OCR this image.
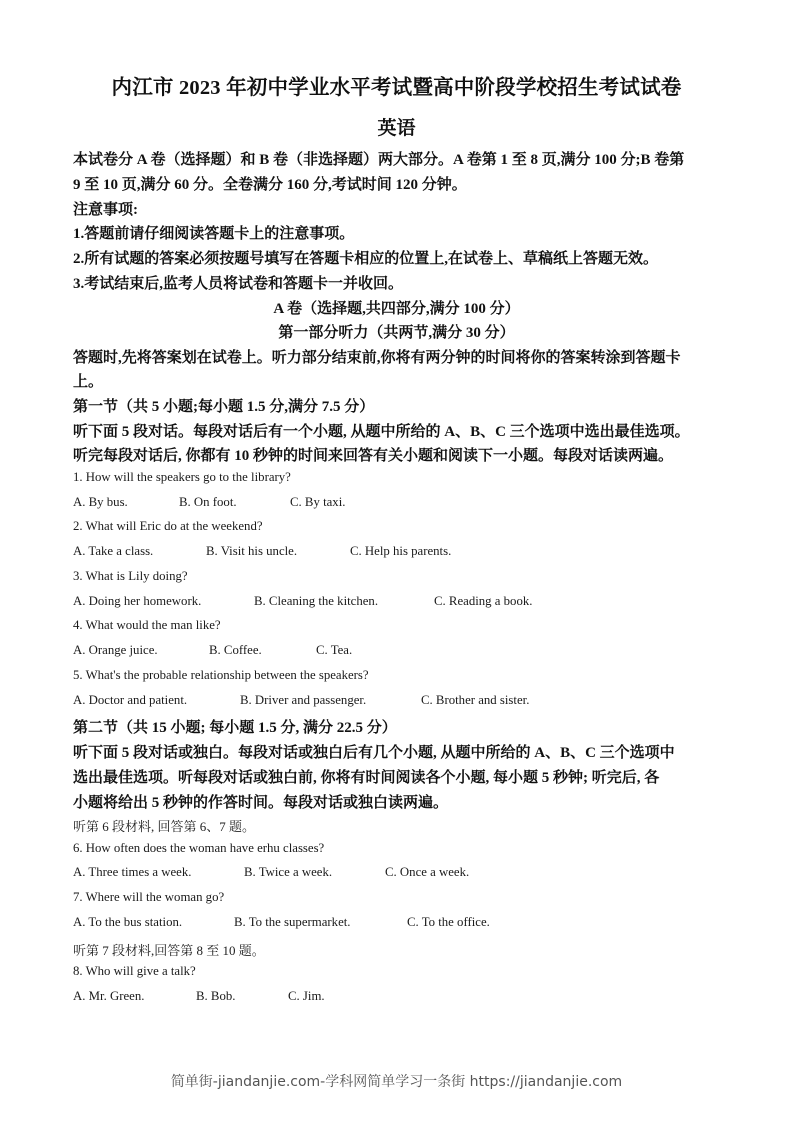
内江市 2023 年初中学业水平考试暨高中阶段学校招生考试试卷
英语
本试卷分 A 卷（选择题）和 B 卷（非选择题）两大部分。A 卷第 1 至 8 页,满分 100 分;B 卷第
9 至 10 页,满分 60 分。全卷满分 160 分,考试时间 120 分钟。
注意事项:
1.答题前请仔细阅读答题卡上的注意事项。
2.所有试题的答案必须按题号填写在答题卡相应的位置上,在试卷上、草稿纸上答题无效。
3.考试结束后,监考人员将试卷和答题卡一并收回。
A 卷（选择题,共四部分,满分 100 分）
第一部分听力（共两节,满分 30 分）
答题时,先将答案划在试卷上。听力部分结束前,你将有两分钟的时间将你的答案转涂到答题卡
上。
第一节（共 5 小题;每小题 1.5 分,满分 7.5 分）
听下面 5 段对话。每段对话后有一个小题, 从题中所给的 A、B、C 三个选项中选出最佳选项。
听完每段对话后, 你都有 10 秒钟的时间来回答有关小题和阅读下一小题。每段对话读两遍。
1. How will the speakers go to the library?
A. By bus.	B. On foot.	C. By taxi.
2. What will Eric do at the weekend?
A. Take a class.	B. Visit his uncle.	C. Help his parents.
3. What is Lily doing?
A. Doing her homework.	B. Cleaning the kitchen.	C. Reading a book.
4. What would the man like?
A. Orange juice.	B. Coffee.	C. Tea.
5. What's the probable relationship between the speakers?
A. Doctor and patient.	B. Driver and passenger.	C. Brother and sister.
第二节（共 15 小题; 每小题 1.5 分, 满分 22.5 分）
听下面 5 段对话或独白。每段对话或独白后有几个小题, 从题中所给的 A、B、C 三个选项中
选出最佳选项。听每段对话或独白前, 你将有时间阅读各个小题, 每小题 5 秒钟; 听完后, 各
小题将给出 5 秒钟的作答时间。每段对话或独白读两遍。
听第 6 段材料, 回答第 6、7 题。
6. How often does the woman have erhu classes?
A. Three times a week.	B. Twice a week.	C. Once a week.
7. Where will the woman go?
A. To the bus station.	B. To the supermarket.	C. To the office.
听第 7 段材料,回答第 8 至 10 题。
8. Who will give a talk?
A. Mr. Green.	B. Bob.	C. Jim.
简单街-jiandanjie.com-学科网简单学习一条街 https://jiandanjie.com
